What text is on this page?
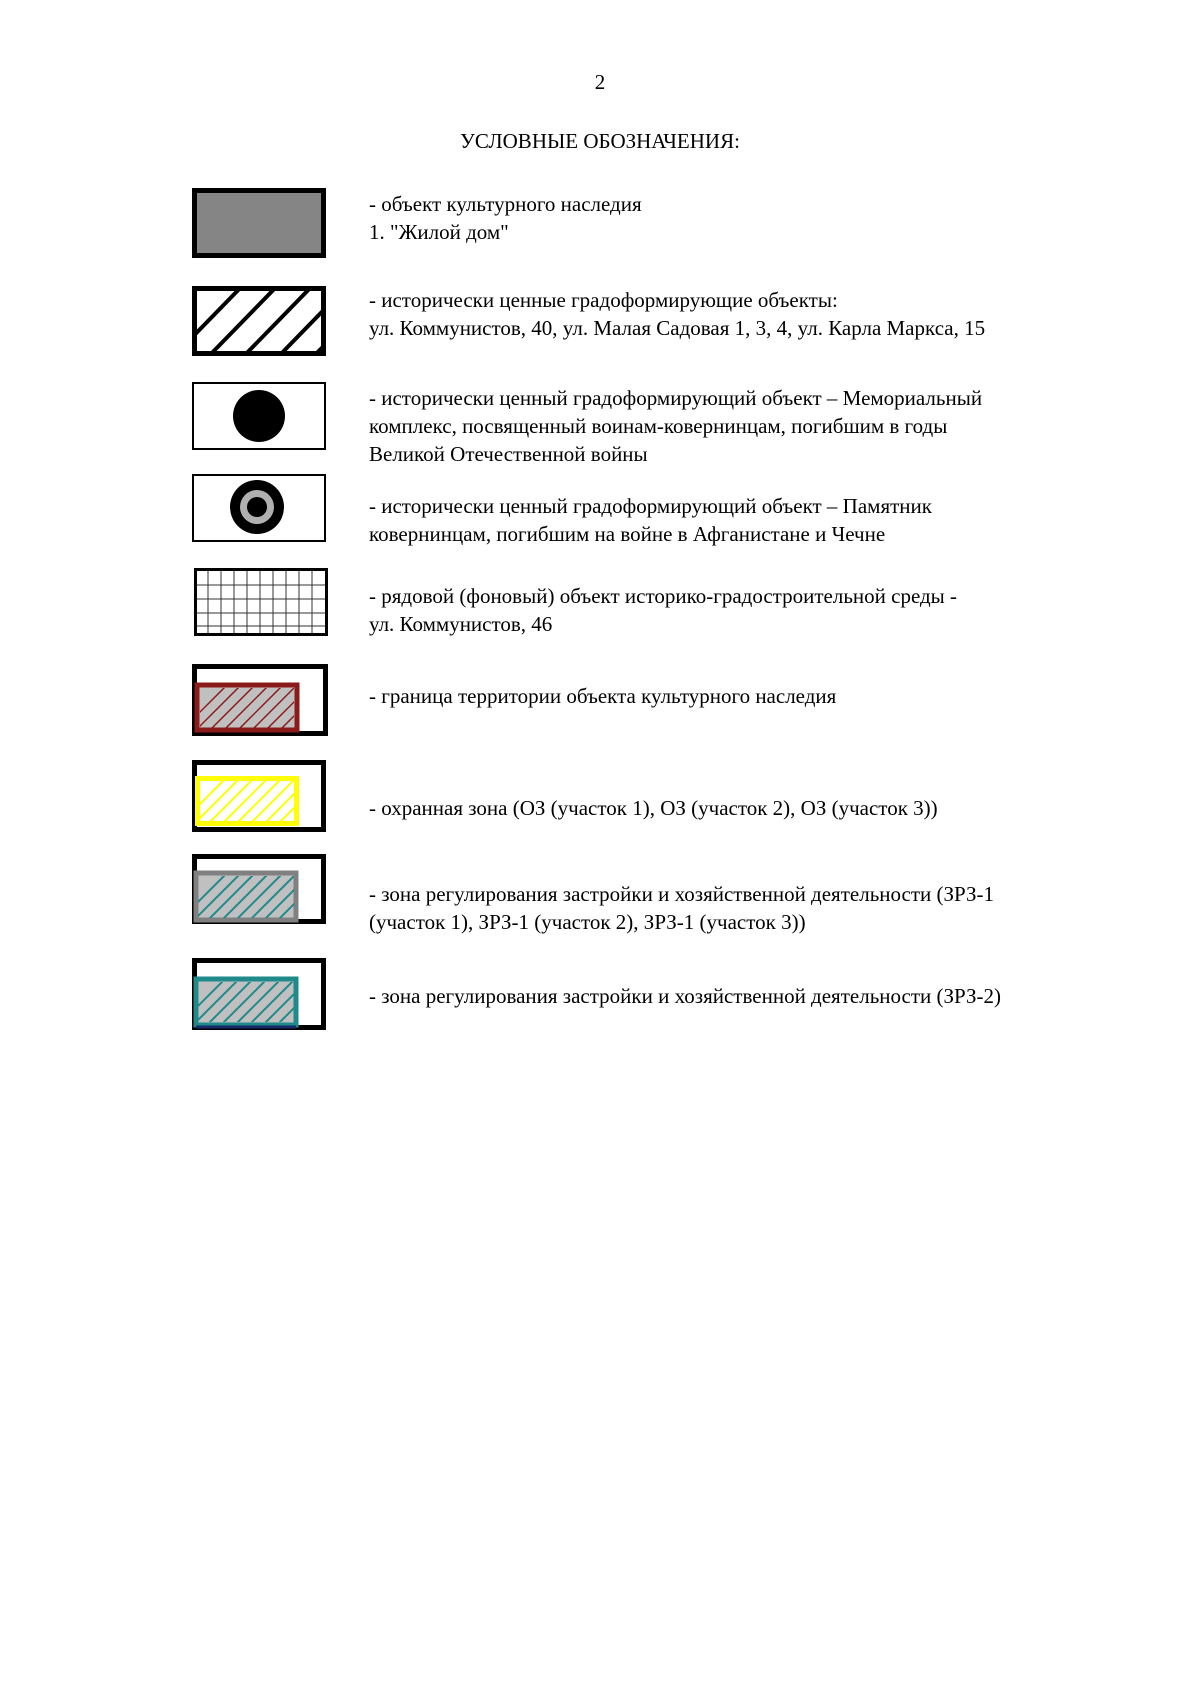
2
УСЛОВНЫЕ ОБОЗНАЧЕНИЯ:
- объект культурного наследия
1. "Жилой дом"
- исторически ценные градоформирующие объекты:
ул. Коммунистов, 40, ул. Малая Садовая 1, 3, 4, ул. Карла Маркса, 15
- исторически ценный градоформирующий объект – Мемориальный
комплекс, посвященный воинам-ковернинцам, погибшим в годы
Великой Отечественной войны
- исторически ценный градоформирующий объект – Памятник
ковернинцам, погибшим на войне в Афганистане и Чечне
- рядовой (фоновый) объект историко-градостроительной среды -
ул. Коммунистов, 46
- граница территории объекта культурного наследия
- охранная зона (ОЗ (участок 1), ОЗ (участок 2), ОЗ (участок 3))
- зона регулирования застройки и хозяйственной деятельности (ЗРЗ-1
(участок 1), ЗРЗ-1 (участок 2), ЗРЗ-1 (участок 3))
- зона регулирования застройки и хозяйственной деятельности (ЗРЗ-2)
